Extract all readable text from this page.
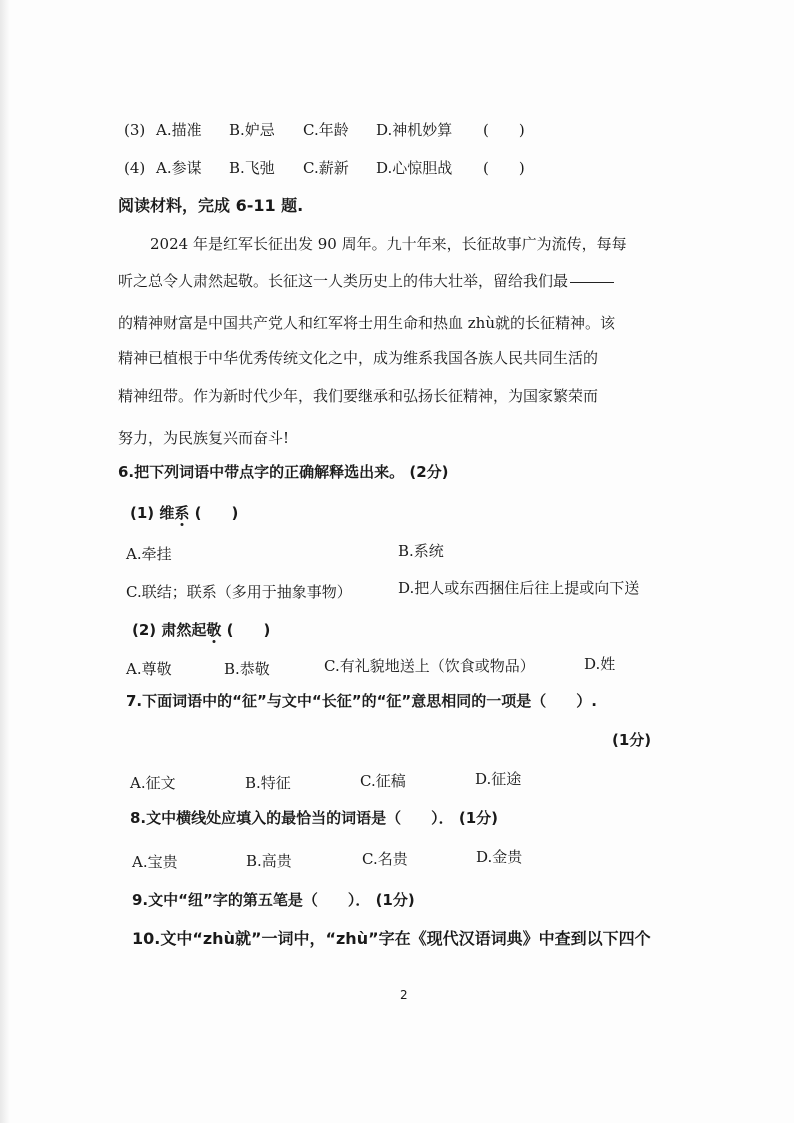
(3) A.描准 B.妒忌 C.年龄 D.神机妙算 (　　)
(4) A.参谋 B.飞弛 C.薪新 D.心惊胆战 (　　)
阅读材料，完成 6-11 题.
2024 年是红军长征出发 90 周年。九十年来，长征故事广为流传，每每
听之总令人肃然起敬。长征这一人类历史上的伟大壮举，留给我们最
的精神财富是中国共产党人和红军将士用生命和热血 zhù就的长征精神。该
精神已植根于中华优秀传统文化之中，成为维系我国各族人民共同生活的
精神纽带。作为新时代少年，我们要继承和弘扬长征精神，为国家繁荣而
努力，为民族复兴而奋斗!
6.把下列词语中带点字的正确解释选出来。 (2分)
(1) 维系 (　　)
A.牵挂	B.系统
C.联结；联系（多用于抽象事物）	D.把人或东西捆住后往上提或向下送
(2) 肃然起敬 (　　)
A.尊敬	B.恭敬	C.有礼貌地送上（饮食或物品）	D.姓
7.下面词语中的“征”与文中“长征”的“征”意思相同的一项是（　　）.
(1分)
A.征文	B.特征	C.征稿	D.征途
8.文中横线处应填入的最恰当的词语是（　　）． (1分)
A.宝贵	B.高贵	C.名贵	D.金贵
9.文中“纽”字的第五笔是（　　）． (1分)
10.文中“zhù就”一词中，“zhù”字在《现代汉语词典》中查到以下四个
2
